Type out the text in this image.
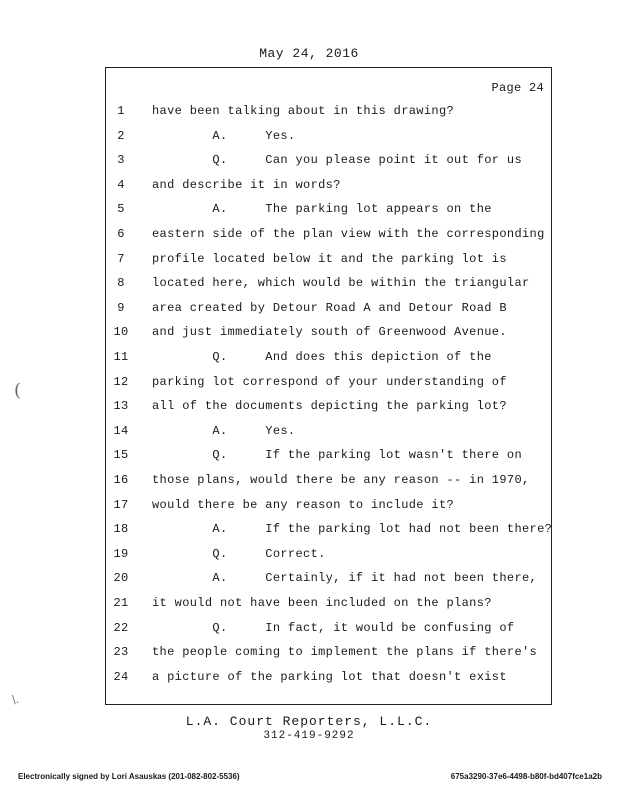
May 24, 2016
Page 24
1	have been talking about in this drawing?
2	A.     Yes.
3	Q.     Can you please point it out for us
4	and describe it in words?
5	A.     The parking lot appears on the
6	eastern side of the plan view with the corresponding
7	profile located below it and the parking lot is
8	located here, which would be within the triangular
9	area created by Detour Road A and Detour Road B
10	and just immediately south of Greenwood Avenue.
11	Q.     And does this depiction of the
12	parking lot correspond of your understanding of
13	all of the documents depicting the parking lot?
14	A.     Yes.
15	Q.     If the parking lot wasn't there on
16	those plans, would there be any reason -- in 1970,
17	would there be any reason to include it?
18	A.     If the parking lot had not been there?
19	Q.     Correct.
20	A.     Certainly, if it had not been there,
21	it would not have been included on the plans?
22	Q.     In fact, it would be confusing of
23	the people coming to implement the plans if there's
24	a picture of the parking lot that doesn't exist
L.A. Court Reporters, L.L.C.
312-419-9292
Electronically signed by Lori Asauskas (201-082-802-5536)	675a3290-37e6-4498-b80f-bd407fce1a2b
(
\.
